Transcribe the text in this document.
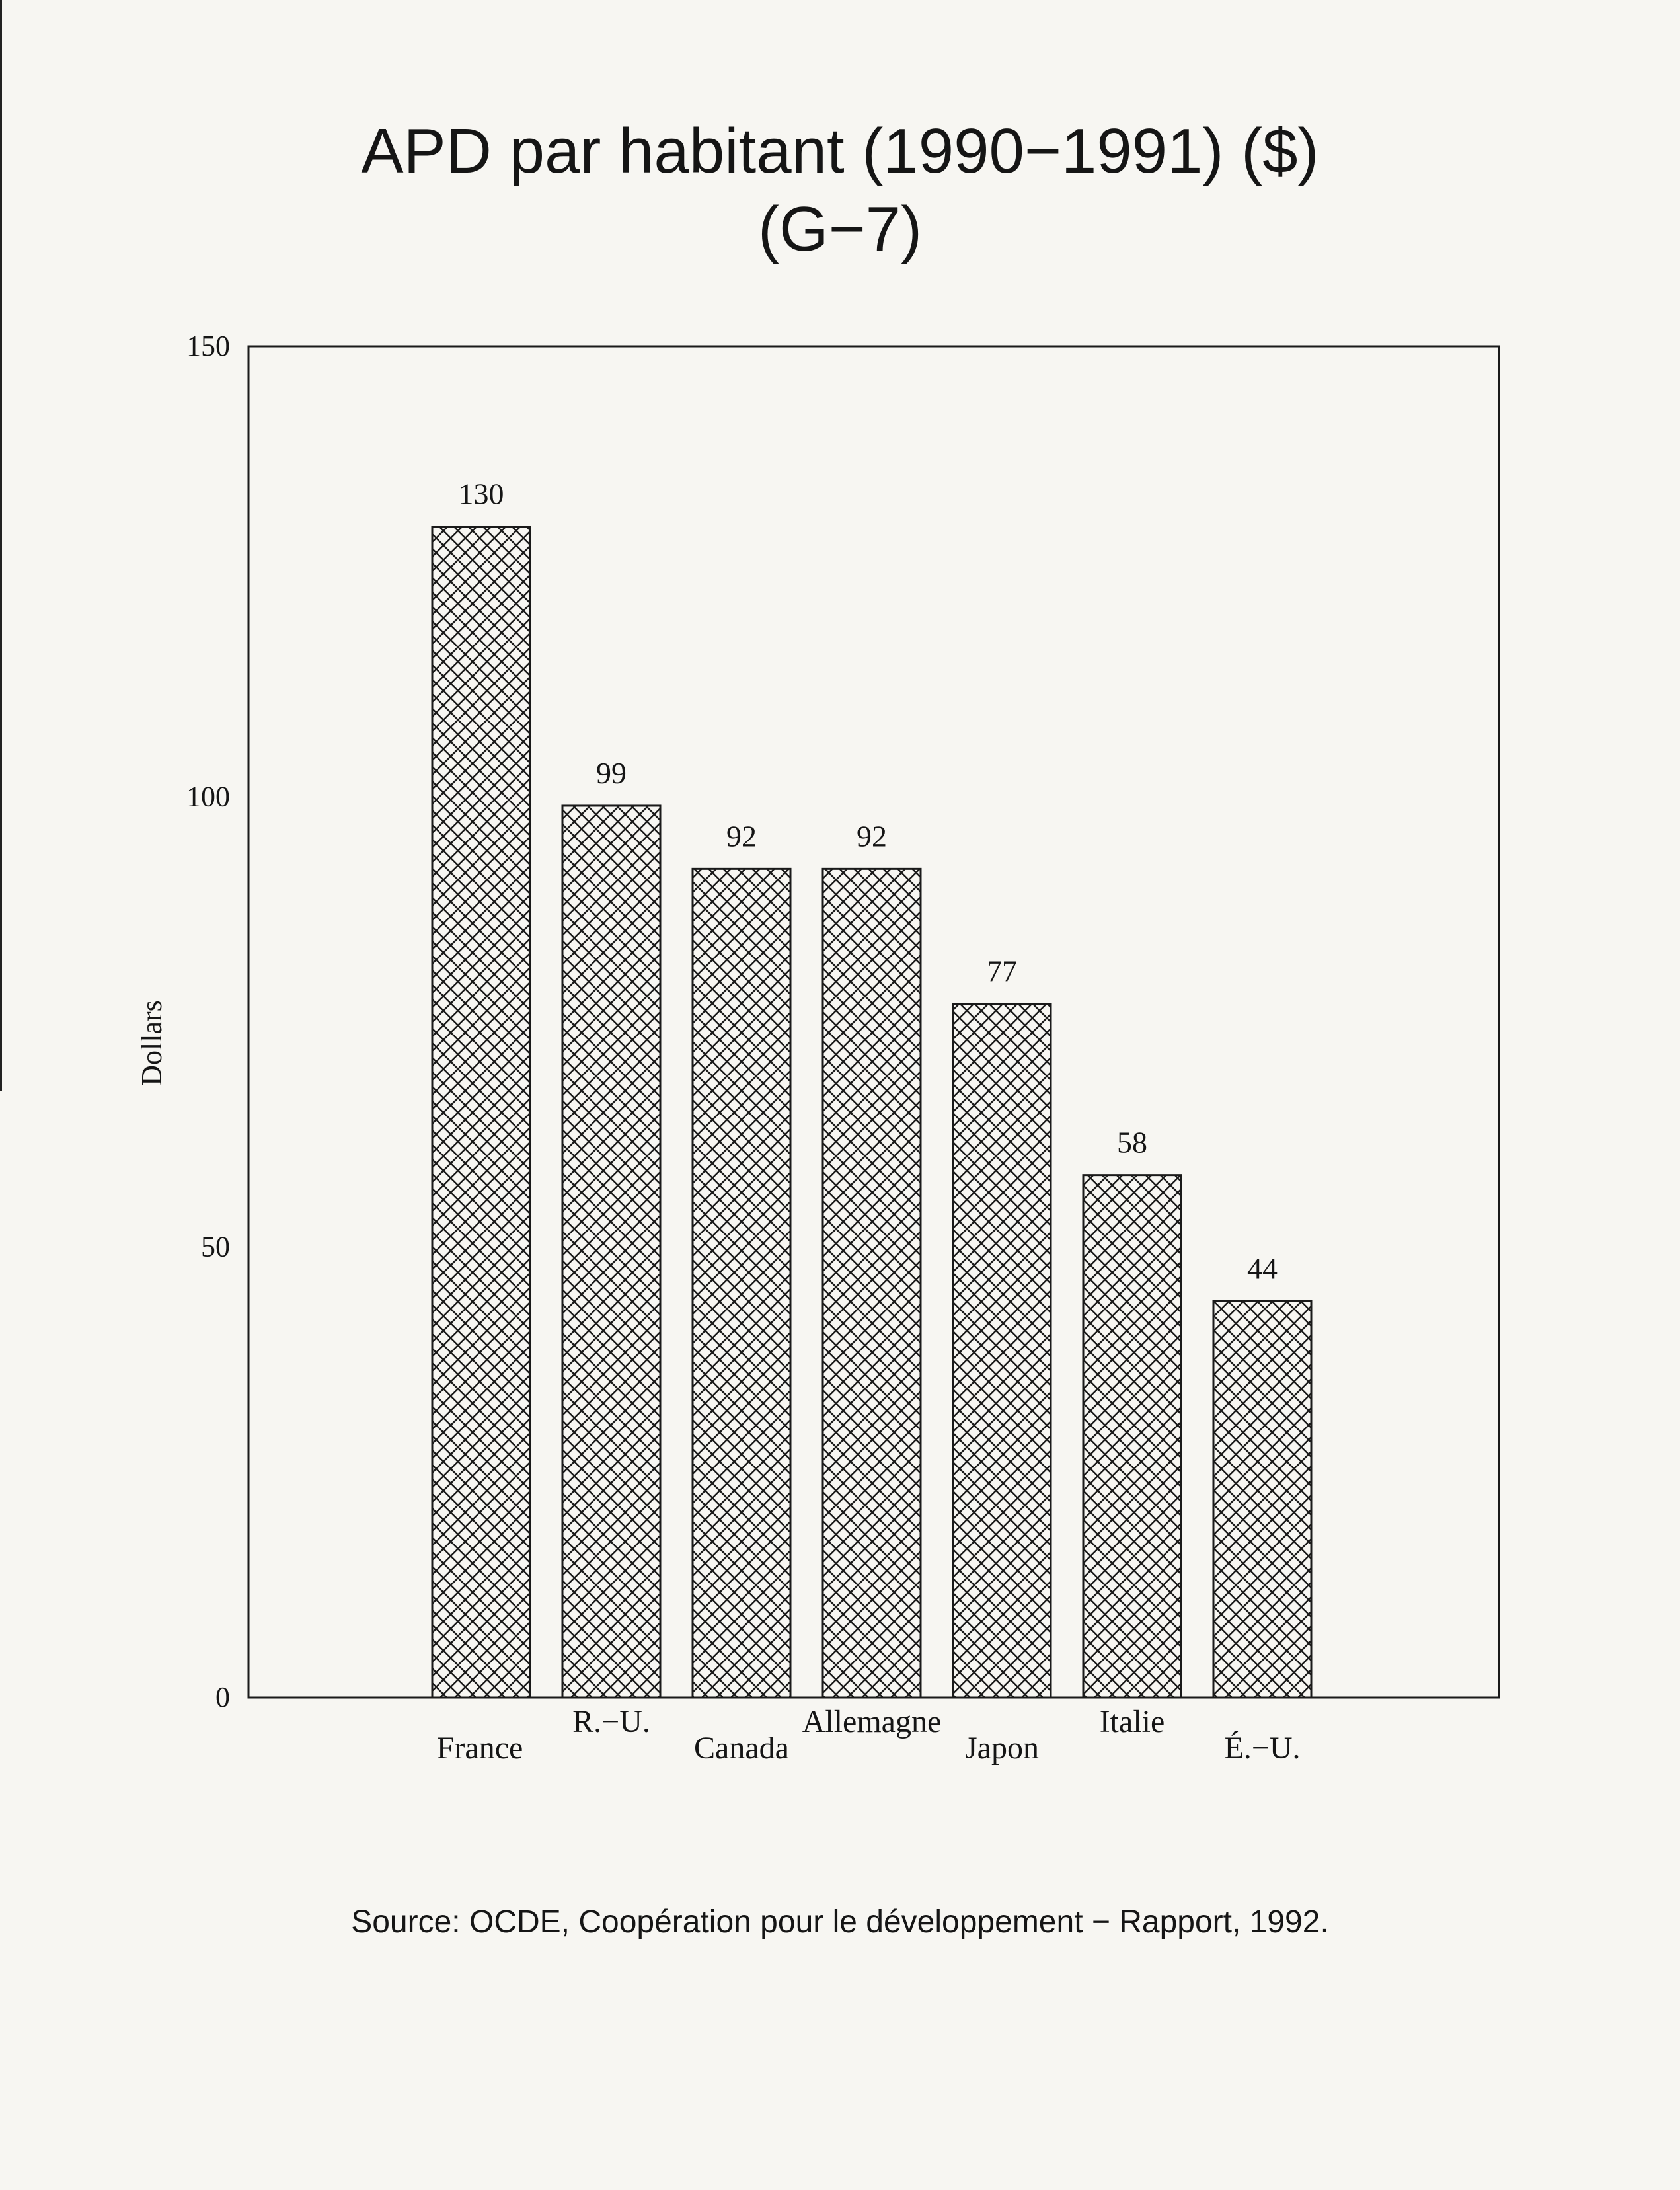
APD par habitant (1990−1991) ($)
(G−7)
0
50
100
150
Dollars
130
France
99
R.−U.
92
Canada
92
Allemagne
77
Japon
58
Italie
44
É.−U.
Source: OCDE, Coopération pour le développement − Rapport, 1992.
